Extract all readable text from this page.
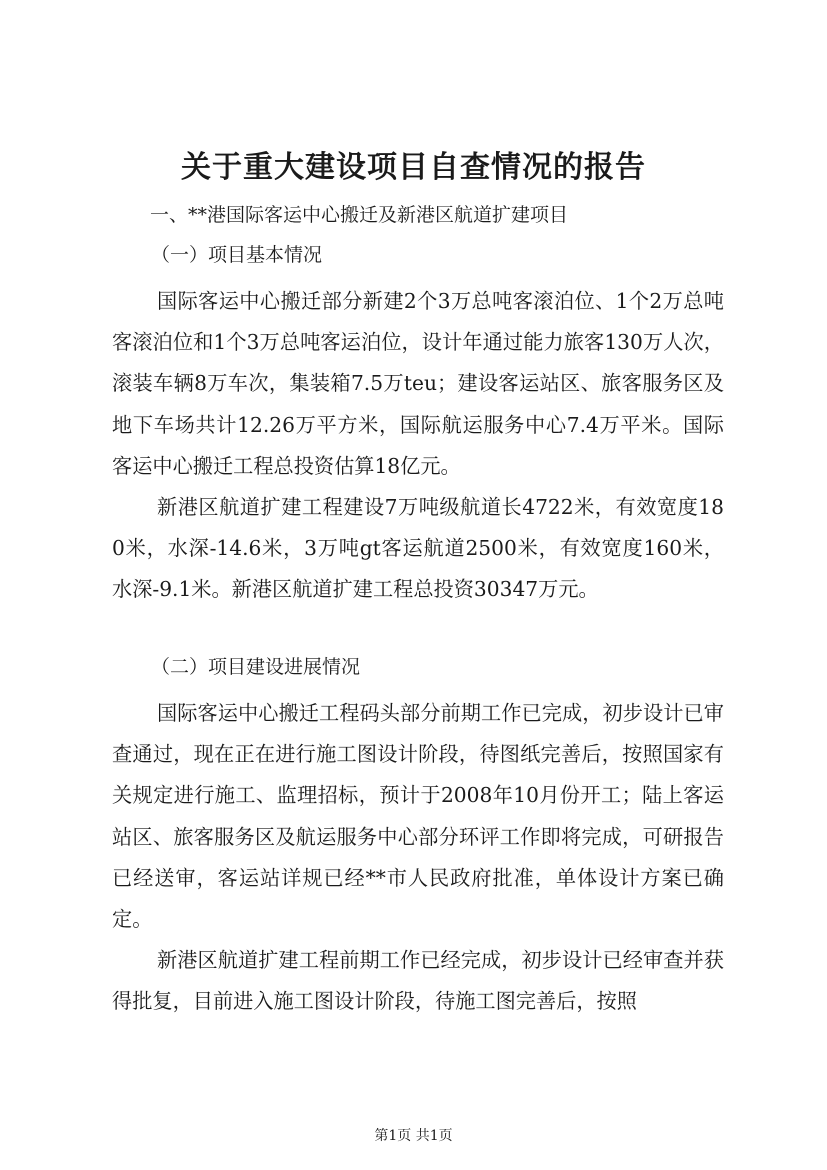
关于重大建设项目自查情况的报告
一、**港国际客运中心搬迁及新港区航道扩建项目
（一）项目基本情况

国际客运中心搬迁部分新建2个3万总吨客滚泊位、1个2万总吨客滚泊位和1个3万总吨客运泊位，设计年通过能力旅客130万人次，滚装车辆8万车次，集装箱7.5万teu；建设客运站区、旅客服务区及地下车场共计12.26万平方米，国际航运服务中心7.4万平米。国际客运中心搬迁工程总投资估算18亿元。

新港区航道扩建工程建设7万吨级航道长4722米，有效宽度180米，水深-14.6米，3万吨gt客运航道2500米，有效宽度160米，水深-9.1米。新港区航道扩建工程总投资30347万元。

（二）项目建设进展情况

国际客运中心搬迁工程码头部分前期工作已完成，初步设计已审查通过，现在正在进行施工图设计阶段，待图纸完善后，按照国家有关规定进行施工、监理招标，预计于2008年10月份开工；陆上客运站区、旅客服务区及航运服务中心部分环评工作即将完成，可研报告已经送审，客运站详规已经**市人民政府批准，单体设计方案已确定。

新港区航道扩建工程前期工作已经完成，初步设计已经审查并获得批复，目前进入施工图设计阶段，待施工图完善后，按照

第1页 共1页
